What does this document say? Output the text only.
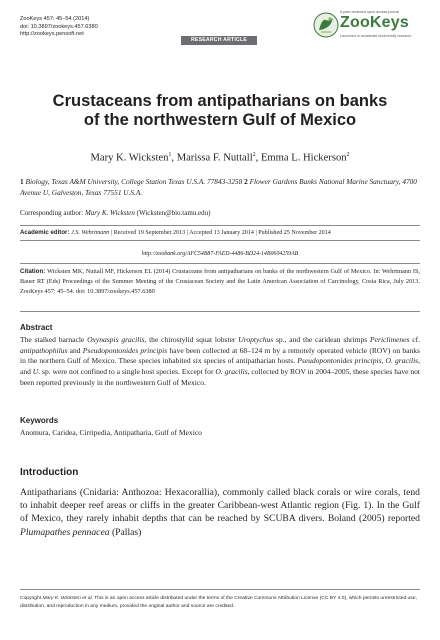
ZooKeys 457: 45–54 (2014)
doi: 10.3897/zookeys.457.6380
http://zookeys.pensoft.net
RESEARCH ARTICLE
A peer-reviewed open-access journal
ZooKeys
Launched to accelerate biodiversity research
Crustaceans from antipatharians on banks
of the northwestern Gulf of Mexico
Mary K. Wicksten$^1$, Marissa F. Nuttall$^2$, Emma L. Hickerson$^2$
1 Biology, Texas A&M University, College Station Texas U.S.A. 77843-3258 2 Flower Gardens Banks National Marine Sanctuary, 4700 Avenue U, Galveston, Texas 77551 U.S.A.
Corresponding author: Mary K. Wicksten (Wicksten@bio.tamu.edu)
Academic editor: J.S. Wehrtmann | Received 19 September 2013 | Accepted 13 January 2014 | Published 25 November 2014
http://zoobank.org/AFC54B87-FAED-4486-BD24-14B0604259AB
Citation: Wicksten MK, Nuttall MF, Hickerson EL (2014) Crustaceans from antipatharians on banks of the northwestern Gulf of Mexico. In: Wehrtmann IS, Bauer RT (Eds) Proceedings of the Summer Meeting of the Crustacean Society and the Latin American Association of Carcinology, Costa Rica, July 2013. ZooKeys 457: 45–54. doi: 10.3897/zookeys.457.6380
Abstract
The stalked barnacle Oxynaspis gracilis, the chirostylid squat lobster Uroptychus sp., and the caridean shrimps Periclimenes cf. antipathophilus and Pseudopontonides principis have been collected at 68–124 m by a remotely operated vehicle (ROV) on banks in the northern Gulf of Mexico. These species inhabited six species of antipatharian hosts. Pseudopontonides principis, O. gracilis, and U. sp. were not confined to a single host species. Except for O. gracilis, collected by ROV in 2004–2005, these species have not been reported previously in the northwestern Gulf of Mexico.
Keywords
Anomura, Caridea, Cirripedia, Antipatharia, Gulf of Mexico
Introduction
Antipatharians (Cnidaria: Anthozoa: Hexacorallia), commonly called black corals or wire corals, tend to inhabit deeper reef areas or cliffs in the greater Caribbean-west Atlantic region (Fig. 1). In the Gulf of Mexico, they rarely inhabit depths that can be reached by SCUBA divers. Boland (2005) reported Plumapathes pennacea (Pallas)
Copyright Mary K. Wicksten et al. This is an open access article distributed under the terms of the Creative Commons Attribution License (CC BY 4.0), which permits unrestricted use, distribution, and reproduction in any medium, provided the original author and source are credited.
